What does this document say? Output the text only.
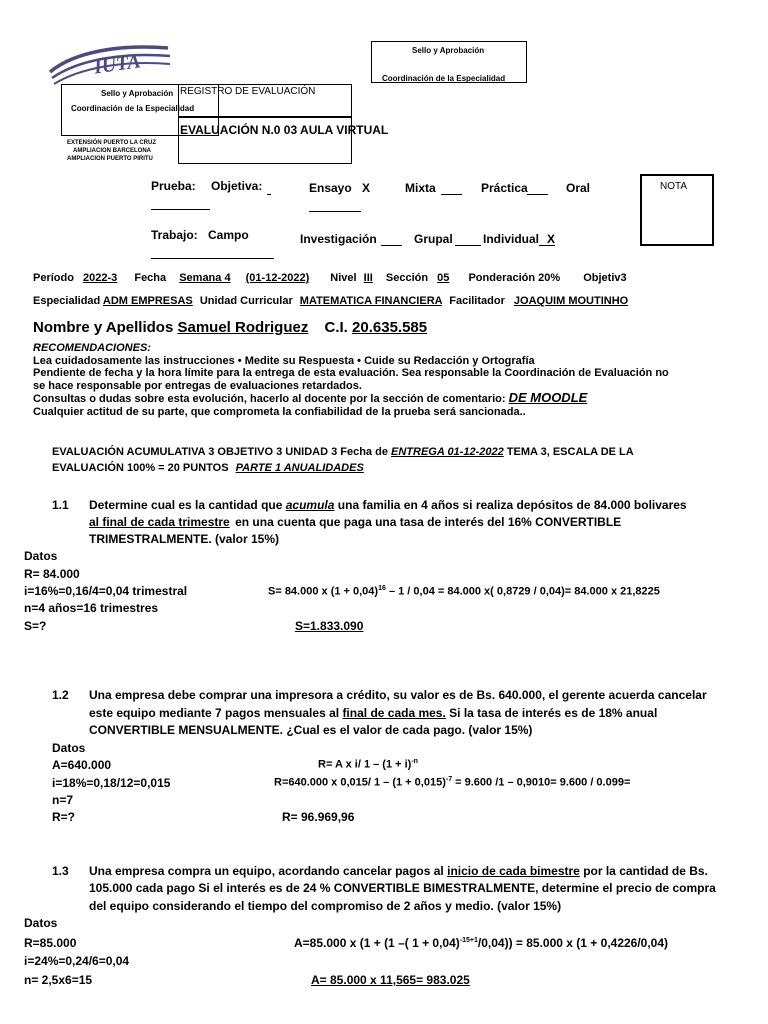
IUTA	Sello y Aprobación
Coordinación de la Especialidad
Sello y Aprobación
Coordinación de la Especialidad
REGISTRO DE EVALUACIÓN
EVALUACIÓN N.0 03 AULA VIRTUAL
EXTENSIÓN PUERTO LA CRUZ
AMPLIACION BARCELONA
AMPLIACION PUERTO PIRITU
NOTA
Prueba: Objetiva:	Ensayo X	Mixta	Práctica	Oral
Trabajo: Campo	Investigación	Grupal	Individual X
Período 2022-3 Fecha Semana 4 (01-12-2022) Nivel III Sección 05 Ponderación 20% Objetiv3
Especialidad ADM EMPRESAS Unidad Curricular MATEMATICA FINANCIERA Facilitador JOAQUIM MOUTINHO
Nombre y Apellidos Samuel Rodriguez C.I. 20.635.585
RECOMENDACIONES:
Lea cuidadosamente las instrucciones • Medite su Respuesta • Cuide su Redacción y Ortografía
Pendiente de fecha y la hora límite para la entrega de esta evaluación. Sea responsable la Coordinación de Evaluación no
se hace responsable por entregas de evaluaciones retardados.
Consultas o dudas sobre esta evolución, hacerlo al docente por la sección de comentario: DE MOODLE
Cualquier actitud de su parte, que comprometa la confiabilidad de la prueba será sancionada..
EVALUACIÓN ACUMULATIVA 3 OBJETIVO 3 UNIDAD 3 Fecha de ENTREGA 01-12-2022 TEMA 3, ESCALA DE LA
EVALUACIÓN 100% = 20 PUNTOS PARTE 1 ANUALIDADES
1.1 Determine cual es la cantidad que acumula una familia en 4 años si realiza depósitos de 84.000 bolivares
al final de cada trimestre en una cuenta que paga una tasa de interés del 16% CONVERTIBLE
TRIMESTRALMENTE. (valor 15%)
Datos
R= 84.000
i=16%=0,16/4=0,04 trimestral
n=4 años=16 trimestres
S=?
S= 84.000 x $(1 + 0,04)^{16} - 1 / 0,04 = 84.000$ x( 0,8729 / 0,04)= 84.000 x 21,8225
S=1.833.090
1.2 Una empresa debe comprar una impresora a crédito, su valor es de Bs. 640.000, el gerente acuerda cancelar
este equipo mediante 7 pagos mensuales al final de cada mes. Si la tasa de interés es de 18% anual
CONVERTIBLE MENSUALMENTE. ¿Cual es el valor de cada pago. (valor 15%)
Datos
A=640.000
i=18%=0,18/12=0,015
n=7
R=?
R= A x i/ $1 - (1 + i)^{-n}$
R=640.000 x 0,015/ $1 - (1 + 0,015)^{-7} = 9.600$ /1 – 0,9010= 9.600 / 0.099=
R= 96.969,96
1.3 Una empresa compra un equipo, acordando cancelar pagos al inicio de cada bimestre por la cantidad de Bs.
105.000 cada pago Si el interés es de 24 % CONVERTIBLE BIMESTRALMENTE, determine el precio de compra
del equipo considerando el tiempo del compromiso de 2 años y medio. (valor 15%)
Datos
R=85.000
i=24%=0,24/6=0,04
n= 2,5x6=15
A=85.000 x (1 + (1 –( 1 + 0,04)$^{-15+1}$/0,04)) = 85.000 x (1 + 0,4226/0,04)
A= 85.000 x 11,565= 983.025
